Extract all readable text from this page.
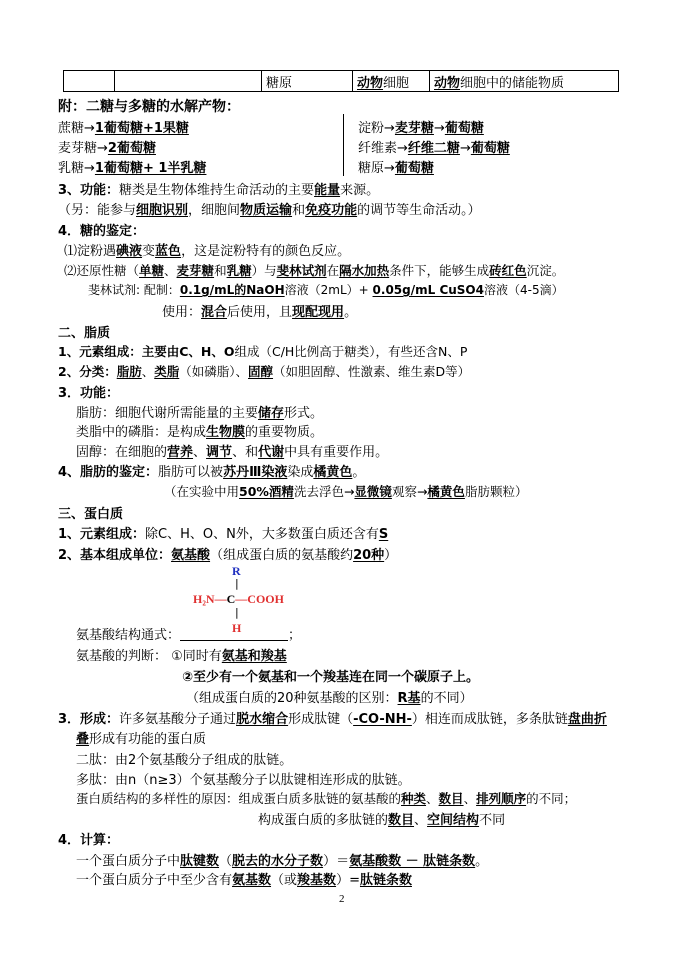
		糖原	动物细胞	动物细胞中的储能物质
附：二糖与多糖的水解产物：
蔗糖→1葡萄糖+1果糖
麦芽糖→2葡萄糖
乳糖→1葡萄糖+ 1半乳糖
淀粉→麦芽糖→葡萄糖
纤维素→纤维二糖→葡萄糖
糖原→葡萄糖
3、功能：糖类是生物体维持生命活动的主要能量来源。
（另：能参与细胞识别，细胞间物质运输和免疫功能的调节等生命活动。）
4．糖的鉴定：
⑴淀粉遇碘液变蓝色，这是淀粉特有的颜色反应。
⑵还原性糖（单糖、麦芽糖和乳糖）与斐林试剂在隔水加热条件下，能够生成砖红色沉淀。
斐林试剂: 配制：0.1g/mL的NaOH溶液（2mL）+ 0.05g/mL CuSO4溶液（4-5滴）
使用：混合后使用，且现配现用。
二、脂质
1、元素组成：主要由C、H、O组成（C/H比例高于糖类），有些还含N、P
2、分类：脂肪、类脂（如磷脂）、固醇（如胆固醇、性激素、维生素D等）
3．功能：
脂肪：细胞代谢所需能量的主要储存形式。
类脂中的磷脂：是构成生物膜的重要物质。
固醇：在细胞的营养、调节、和代谢中具有重要作用。
4、脂肪的鉴定：脂肪可以被苏丹Ⅲ染液染成橘黄色。
（在实验中用50%酒精洗去浮色→显微镜观察→橘黄色脂肪颗粒）
三、蛋白质
1、元素组成：除C、H、O、N外，大多数蛋白质还含有S
2、基本组成单位：氨基酸（组成蛋白质的氨基酸约20种）
R
|
H₂N—C—COOH
|
H
氨基酸结构通式：	；
氨基酸的判断： ①同时有氨基和羧基
②至少有一个氨基和一个羧基连在同一个碳原子上。
（组成蛋白质的20种氨基酸的区别：R基的不同）
3．形成：许多氨基酸分子通过脱水缩合形成肽键（-CO-NH-）相连而成肽链，多条肽链盘曲折
叠形成有功能的蛋白质
二肽：由2个氨基酸分子组成的肽链。
多肽：由n（n≥3）个氨基酸分子以肽键相连形成的肽链。
蛋白质结构的多样性的原因：组成蛋白质多肽链的氨基酸的种类、数目、排列顺序的不同；
构成蛋白质的多肽链的数目、空间结构不同
4．计算：
一个蛋白质分子中肽键数（脱去的水分子数）＝氨基酸数 － 肽链条数。
一个蛋白质分子中至少含有氨基数（或羧基数）=肽链条数
2
